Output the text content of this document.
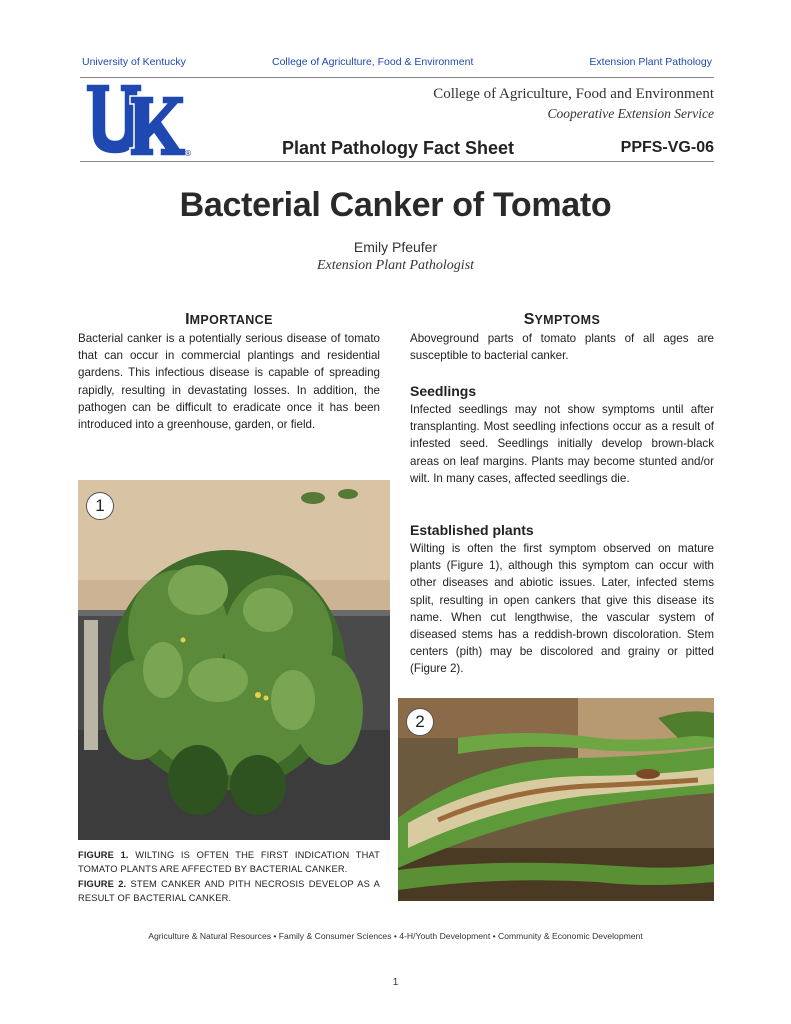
University of Kentucky	College of Agriculture, Food & Environment	Extension Plant Pathology
®
College of Agriculture, Food and Environment
Cooperative Extension Service
Plant Pathology Fact Sheet	PPFS-VG-06
Bacterial Canker of Tomato
Emily Pfeufer
Extension Plant Pathologist
IMPORTANCE
Bacterial canker is a potentially serious disease of tomato that can occur in commercial plantings and residential gardens. This infectious disease is capable of spreading rapidly, resulting in devastating losses. In addition, the pathogen can be difficult to eradicate once it has been introduced into a greenhouse, garden, or field.
SYMPTOMS
Aboveground parts of tomato plants of all ages are susceptible to bacterial canker.
Seedlings
Infected seedlings may not show symptoms until after transplanting. Most seedling infections occur as a result of infested seed. Seedlings initially develop brown-black areas on leaf margins. Plants may become stunted and/or wilt. In many cases, affected seedlings die.
Established plants
Wilting is often the first symptom observed on mature plants (Figure 1), although this symptom can occur with other diseases and abiotic issues. Later, infected stems split, resulting in open cankers that give this disease its name. When cut lengthwise, the vascular system of diseased stems has a reddish-brown discoloration. Stem centers (pith) may be discolored and grainy or pitted (Figure 2).
1
2
FIGURE 1. WILTING IS OFTEN THE FIRST INDICATION THAT TOMATO PLANTS ARE AFFECTED BY BACTERIAL CANKER.
FIGURE 2. STEM CANKER AND PITH NECROSIS DEVELOP AS A RESULT OF BACTERIAL CANKER.
Agriculture & Natural Resources • Family & Consumer Sciences • 4-H/Youth Development • Community & Economic Development
1
